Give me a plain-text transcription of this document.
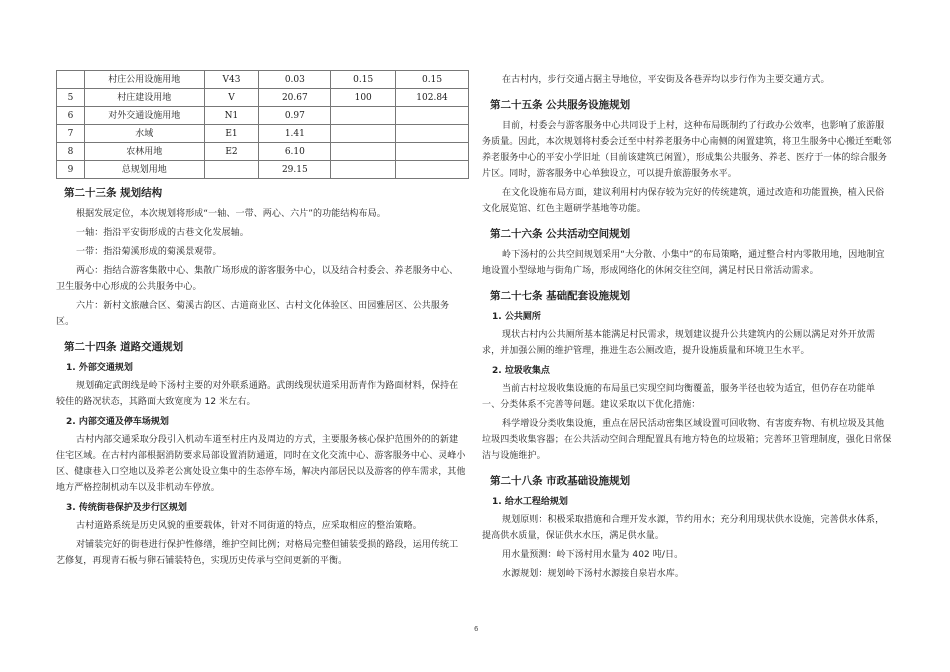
	村庄公用设施用地	V43	0.03	0.15	0.15
5	村庄建设用地	V	20.67	100	102.84
6	对外交通设施用地	N1	0.97		
7	水域	E1	1.41		
8	农林用地	E2	6.10		
9	总规划用地		29.15		
第二十三条 规划结构
根据发展定位，本次规划将形成“一轴、一带、两心、六片”的功能结构布局。
一轴：指沿平安街形成的古巷文化发展轴。
一带：指沿菊溪形成的菊溪景观带。
两心：指结合游客集散中心、集散广场形成的游客服务中心，以及结合村委会、养老服务中心、卫生服务中心形成的公共服务中心。
六片：新村文旅融合区、菊溪古韵区、古道商业区、古村文化体验区、田园雅居区、公共服务区。
第二十四条 道路交通规划
1. 外部交通规划
规划确定武朗线是岭下汤村主要的对外联系通路。武朗线现状道采用沥青作为路面材料，保持在较佳的路况状态，其路面大致宽度为 12 米左右。
2. 内部交通及停车场规划
古村内部交通采取分段引入机动车道至村庄内及周边的方式，主要服务核心保护范围外的的新建住宅区域。在古村内部根据消防要求局部设置消防通道，同时在文化交流中心、游客服务中心、灵峰小区、健康巷入口空地以及养老公寓处设立集中的生态停车场，解决内部居民以及游客的停车需求，其他地方严格控制机动车以及非机动车停放。
3. 传统街巷保护及步行区规划
古村道路系统是历史风貌的重要载体，针对不同街道的特点，应采取相应的整治策略。
对铺装完好的街巷进行保护性修缮，维护空间比例；对格局完整但铺装受损的路段，运用传统工艺修复，再现青石板与卵石铺装特色，实现历史传承与空间更新的平衡。
在古村内，步行交通占据主导地位，平安街及各巷弄均以步行作为主要交通方式。
第二十五条 公共服务设施规划
目前，村委会与游客服务中心共同设于上村，这种布局既制约了行政办公效率，也影响了旅游服务质量。因此，本次规划将村委会迁至中村养老服务中心南侧的闲置建筑，将卫生服务中心搬迁至毗邻养老服务中心的平安小学旧址（目前该建筑已闲置），形成集公共服务、养老、医疗于一体的综合服务片区。同时，游客服务中心单独设立，可以提升旅游服务水平。
在文化设施布局方面，建议利用村内保存较为完好的传统建筑，通过改造和功能置换，植入民俗文化展览馆、红色主题研学基地等功能。
第二十六条 公共活动空间规划
岭下汤村的公共空间规划采用“大分散、小集中”的布局策略，通过整合村内零散用地，因地制宜地设置小型绿地与街角广场，形成网络化的休闲交往空间，满足村民日常活动需求。
第二十七条 基础配套设施规划
1. 公共厕所
现状古村内公共厕所基本能满足村民需求，规划建议提升公共建筑内的公厕以满足对外开放需求，并加强公厕的维护管理，推进生态公厕改造，提升设施质量和环境卫生水平。
2. 垃圾收集点
当前古村垃圾收集设施的布局虽已实现空间均衡覆盖，服务半径也较为适宜，但仍存在功能单一、分类体系不完善等问题。建议采取以下优化措施：
科学增设分类收集设施，重点在居民活动密集区域设置可回收物、有害废弃物、有机垃圾及其他垃圾四类收集容器；在公共活动空间合理配置具有地方特色的垃圾箱；完善环卫管理制度，强化日常保洁与设施维护。
第二十八条 市政基础设施规划
1. 给水工程给规划
规划原则：积极采取措施和合理开发水源，节约用水；充分利用现状供水设施，完善供水体系，提高供水质量，保证供水水压，满足供水量。
用水量预测：岭下汤村用水量为 402 吨/日。
水源规划：规划岭下汤村水源接自泉岩水库。
6
